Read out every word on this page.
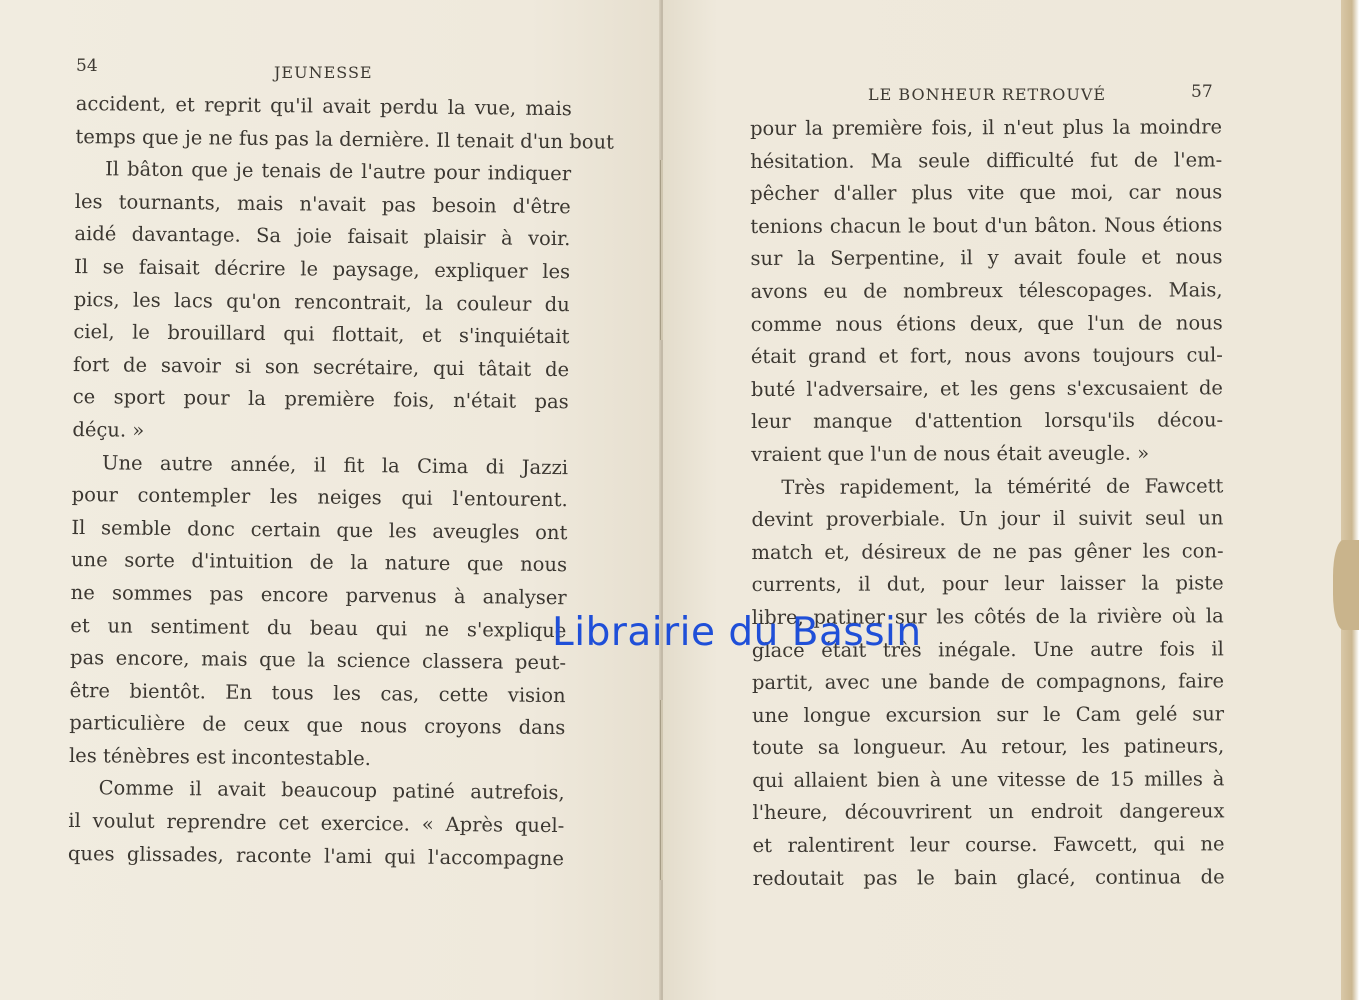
54	JEUNESSE
accident, et reprit qu'il avait perdu la vue, mais
temps que je ne fus pas la dernière. Il tenait d'un bout
Il bâton que je tenais de l'autre pour indiquer
les tournants, mais n'avait pas besoin d'être
aidé davantage. Sa joie faisait plaisir à voir.
Il se faisait décrire le paysage, expliquer les
pics, les lacs qu'on rencontrait, la couleur du
ciel, le brouillard qui flottait, et s'inquiétait
fort de savoir si son secrétaire, qui tâtait de
ce sport pour la première fois, n'était pas
déçu. »
Une autre année, il fit la Cima di Jazzi
pour contempler les neiges qui l'entourent.
Il semble donc certain que les aveugles ont
une sorte d'intuition de la nature que nous
ne sommes pas encore parvenus à analyser
et un sentiment du beau qui ne s'explique
pas encore, mais que la science classera peut-
être bientôt. En tous les cas, cette vision
particulière de ceux que nous croyons dans
les ténèbres est incontestable.
Comme il avait beaucoup patiné autrefois,
il voulut reprendre cet exercice. « Après quel-
ques glissades, raconte l'ami qui l'accompagne
LE BONHEUR RETROUVÉ	57
pour la première fois, il n'eut plus la moindre
hésitation. Ma seule difficulté fut de l'em-
pêcher d'aller plus vite que moi, car nous
tenions chacun le bout d'un bâton. Nous étions
sur la Serpentine, il y avait foule et nous
avons eu de nombreux télescopages. Mais,
comme nous étions deux, que l'un de nous
était grand et fort, nous avons toujours cul-
buté l'adversaire, et les gens s'excusaient de
leur manque d'attention lorsqu'ils décou-
vraient que l'un de nous était aveugle. »
Très rapidement, la témérité de Fawcett
devint proverbiale. Un jour il suivit seul un
match et, désireux de ne pas gêner les con-
currents, il dut, pour leur laisser la piste
libre, patiner sur les côtés de la rivière où la
glace était très inégale. Une autre fois il
partit, avec une bande de compagnons, faire
une longue excursion sur le Cam gelé sur
toute sa longueur. Au retour, les patineurs,
qui allaient bien à une vitesse de 15 milles à
l'heure, découvrirent un endroit dangereux
et ralentirent leur course. Fawcett, qui ne
redoutait pas le bain glacé, continua de
Librairie du Bassin
